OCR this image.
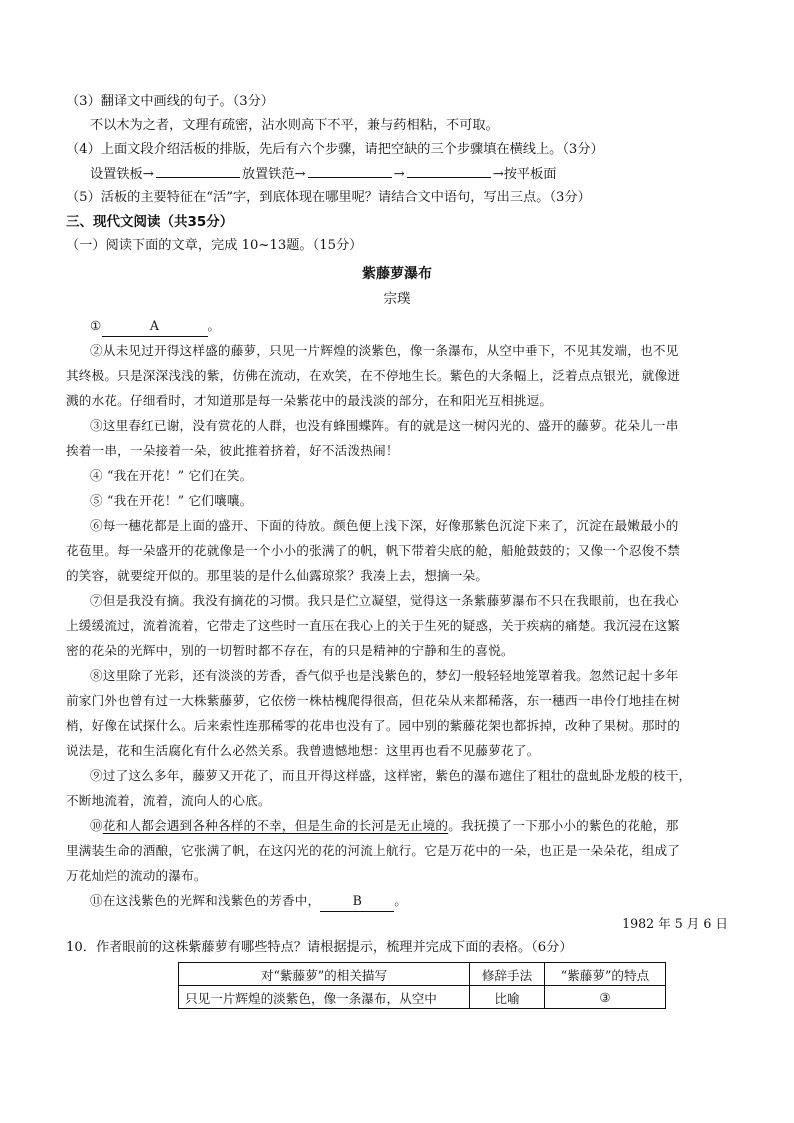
（3）翻译文中画线的句子。（3分）
不以木为之者，文理有疏密，沾水则高下不平，兼与药相粘，不可取。
（4）上面文段介绍活板的排版，先后有六个步骤，请把空缺的三个步骤填在横线上。（3分）
设置铁板→	放置铁范→	→	→按平板面
（5）活板的主要特征在“活”字，到底体现在哪里呢？请结合文中语句，写出三点。（3分）
三、现代文阅读（共35分）
（一）阅读下面的文章，完成 10~13题。（15分）
紫藤萝瀑布
宗璞
①	A	。
②从未见过开得这样盛的藤萝，只见一片辉煌的淡紫色，像一条瀑布，从空中垂下，不见其发端，也不见
其终极。只是深深浅浅的紫，仿佛在流动，在欢笑，在不停地生长。紫色的大条幅上，泛着点点银光，就像迸
溅的水花。仔细看时，才知道那是每一朵紫花中的最浅淡的部分，在和阳光互相挑逗。
③这里春红已谢，没有赏花的人群，也没有蜂围蝶阵。有的就是这一树闪光的、盛开的藤萝。花朵儿一串
挨着一串，一朵接着一朵，彼此推着挤着，好不活泼热闹！
④ “我在开花！” 它们在笑。
⑤ “我在开花！” 它们嚷嚷。
⑥每一穗花都是上面的盛开、下面的待放。颜色便上浅下深，好像那紫色沉淀下来了，沉淀在最嫩最小的
花苞里。每一朵盛开的花就像是一个小小的张满了的帆，帆下带着尖底的舱，船舱鼓鼓的；又像一个忍俊不禁
的笑容，就要绽开似的。那里装的是什么仙露琼浆？我凑上去，想摘一朵。
⑦但是我没有摘。我没有摘花的习惯。我只是伫立凝望，觉得这一条紫藤萝瀑布不只在我眼前，也在我心
上缓缓流过，流着流着，它带走了这些时一直压在我心上的关于生死的疑惑，关于疾病的痛楚。我沉浸在这繁
密的花朵的光辉中，别的一切暂时都不存在，有的只是精神的宁静和生的喜悦。
⑧这里除了光彩，还有淡淡的芳香，香气似乎也是浅紫色的，梦幻一般轻轻地笼罩着我。忽然记起十多年
前家门外也曾有过一大株紫藤萝，它依傍一株枯槐爬得很高，但花朵从来都稀落，东一穗西一串伶仃地挂在树
梢，好像在试探什么。后来索性连那稀零的花串也没有了。园中别的紫藤花架也都拆掉，改种了果树。那时的
说法是，花和生活腐化有什么必然关系。我曾遗憾地想：这里再也看不见藤萝花了。
⑨过了这么多年，藤萝又开花了，而且开得这样盛，这样密，紫色的瀑布遮住了粗壮的盘虬卧龙般的枝干，
不断地流着，流着，流向人的心底。
⑩花和人都会遇到各种各样的不幸，但是生命的长河是无止境的。我抚摸了一下那小小的紫色的花舱，那
里满装生命的酒酿，它张满了帆，在这闪光的花的河流上航行。它是万花中的一朵，也正是一朵朵花，组成了
万花灿烂的流动的瀑布。
⑪在这浅紫色的光辉和浅紫色的芳香中，	B	。
1982 年 5 月 6 日
10．作者眼前的这株紫藤萝有哪些特点？请根据提示，梳理并完成下面的表格。（6分）
对“紫藤萝”的相关描写	修辞手法	“紫藤萝”的特点
只见一片辉煌的淡紫色，像一条瀑布，从空中	比喻	③
